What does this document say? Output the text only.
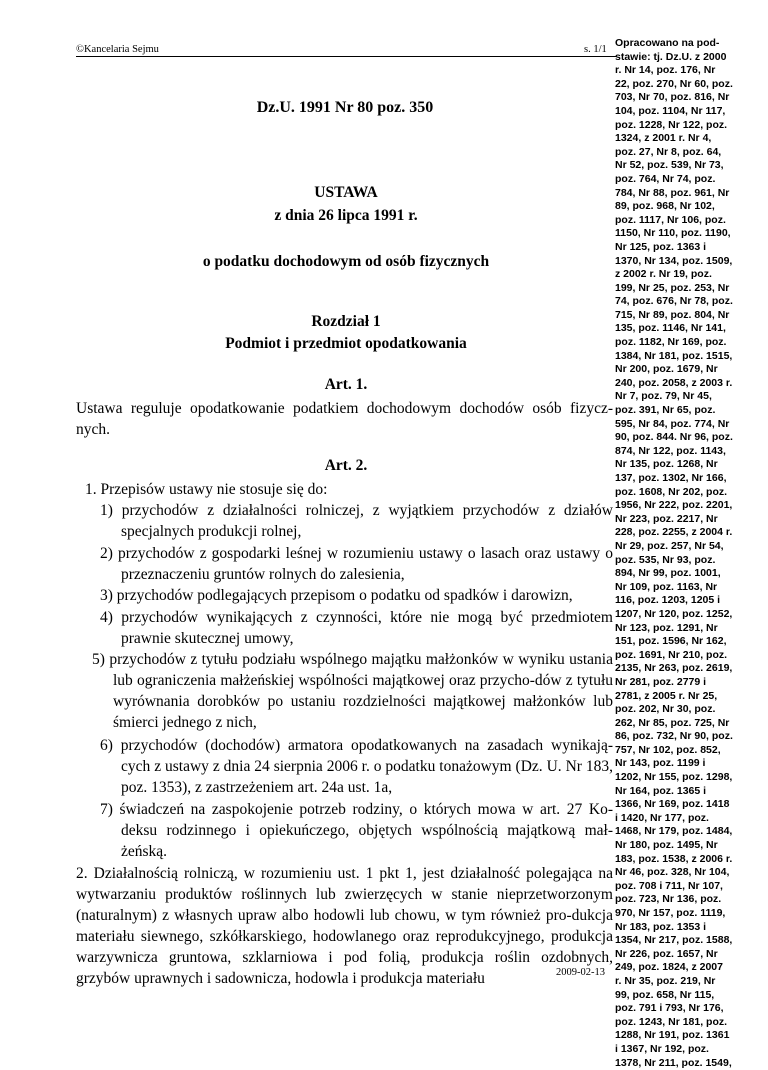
©Kancelaria Sejmu	s. 1/1
Dz.U. 1991 Nr 80 poz. 350
USTAWA
z dnia 26 lipca 1991 r.
o podatku dochodowym od osób fizycznych
Rozdział 1
Podmiot i przedmiot opodatkowania
Art. 1.
Ustawa reguluje opodatkowanie podatkiem dochodowym dochodów osób fizycz-nych.
Art. 2.
1. Przepisów ustawy nie stosuje się do:
1) przychodów z działalności rolniczej, z wyjątkiem przychodów z działów specjalnych produkcji rolnej,
2) przychodów z gospodarki leśnej w rozumieniu ustawy o lasach oraz ustawy o przeznaczeniu gruntów rolnych do zalesienia,
3) przychodów podlegających przepisom o podatku od spadków i darowizn,
4) przychodów wynikających z czynności, które nie mogą być przedmiotem prawnie skutecznej umowy,
5) przychodów z tytułu podziału wspólnego majątku małżonków w wyniku ustania lub ograniczenia małżeńskiej wspólności majątkowej oraz przycho-dów z tytułu wyrównania dorobków po ustaniu rozdzielności majątkowej małżonków lub śmierci jednego z nich,
6) przychodów (dochodów) armatora opodatkowanych na zasadach wynikają-cych z ustawy z dnia 24 sierpnia 2006 r. o podatku tonażowym (Dz. U. Nr 183, poz. 1353), z zastrzeżeniem art. 24a ust. 1a,
7) świadczeń na zaspokojenie potrzeb rodziny, o których mowa w art. 27 Ko-deksu rodzinnego i opiekuńczego, objętych wspólnością majątkową mał-żeńską.
2. Działalnością rolniczą, w rozumieniu ust. 1 pkt 1, jest działalność polegająca na wytwarzaniu produktów roślinnych lub zwierzęcych w stanie nieprzetworzonym (naturalnym) z własnych upraw albo hodowli lub chowu, w tym również pro-dukcja materiału siewnego, szkółkarskiego, hodowlanego oraz reprodukcyjnego, produkcja warzywnicza gruntowa, szklarniowa i pod folią, produkcja roślin ozdobnych, grzybów uprawnych i sadownicza, hodowla i produkcja materiału	2009-02-13
Opracowano na pod-
stawie: tj. Dz.U. z 2000
r. Nr 14, poz. 176, Nr
22, poz. 270, Nr 60, poz.
703, Nr 70, poz. 816, Nr
104, poz. 1104, Nr 117,
poz. 1228, Nr 122, poz.
1324, z 2001 r. Nr 4,
poz. 27, Nr 8, poz. 64,
Nr 52, poz. 539, Nr 73,
poz. 764, Nr 74, poz.
784, Nr 88, poz. 961, Nr
89, poz. 968, Nr 102,
poz. 1117, Nr 106, poz.
1150, Nr 110, poz. 1190,
Nr 125, poz. 1363 i
1370, Nr 134, poz. 1509,
z 2002 r. Nr 19, poz.
199, Nr 25, poz. 253, Nr
74, poz. 676, Nr 78, poz.
715, Nr 89, poz. 804, Nr
135, poz. 1146, Nr 141,
poz. 1182, Nr 169, poz.
1384, Nr 181, poz. 1515,
Nr 200, poz. 1679, Nr
240, poz. 2058, z 2003 r.
Nr 7, poz. 79, Nr 45,
poz. 391, Nr 65, poz.
595, Nr 84, poz. 774, Nr
90, poz. 844. Nr 96, poz.
874, Nr 122, poz. 1143,
Nr 135, poz. 1268, Nr
137, poz. 1302, Nr 166,
poz. 1608, Nr 202, poz.
1956, Nr 222, poz. 2201,
Nr 223, poz. 2217, Nr
228, poz. 2255, z 2004 r.
Nr 29, poz. 257, Nr 54,
poz. 535, Nr 93, poz.
894, Nr 99, poz. 1001,
Nr 109, poz. 1163, Nr
116, poz. 1203, 1205 i
1207, Nr 120, poz. 1252,
Nr 123, poz. 1291, Nr
151, poz. 1596, Nr 162,
poz. 1691, Nr 210, poz.
2135, Nr 263, poz. 2619,
Nr 281, poz. 2779 i
2781, z 2005 r. Nr 25,
poz. 202, Nr 30, poz.
262, Nr 85, poz. 725, Nr
86, poz. 732, Nr 90, poz.
757, Nr 102, poz. 852,
Nr 143, poz. 1199 i
1202, Nr 155, poz. 1298,
Nr 164, poz. 1365 i
1366, Nr 169, poz. 1418
i 1420, Nr 177, poz.
1468, Nr 179, poz. 1484,
Nr 180, poz. 1495, Nr
183, poz. 1538, z 2006 r.
Nr 46, poz. 328, Nr 104,
poz. 708 i 711, Nr 107,
poz. 723, Nr 136, poz.
970, Nr 157, poz. 1119,
Nr 183, poz. 1353 i
1354, Nr 217, poz. 1588,
Nr 226, poz. 1657, Nr
249, poz. 1824, z 2007
r. Nr 35, poz. 219, Nr
99, poz. 658, Nr 115,
poz. 791 i 793, Nr 176,
poz. 1243, Nr 181, poz.
1288, Nr 191, poz. 1361
i 1367, Nr 192, poz.
1378, Nr 211, poz. 1549,
